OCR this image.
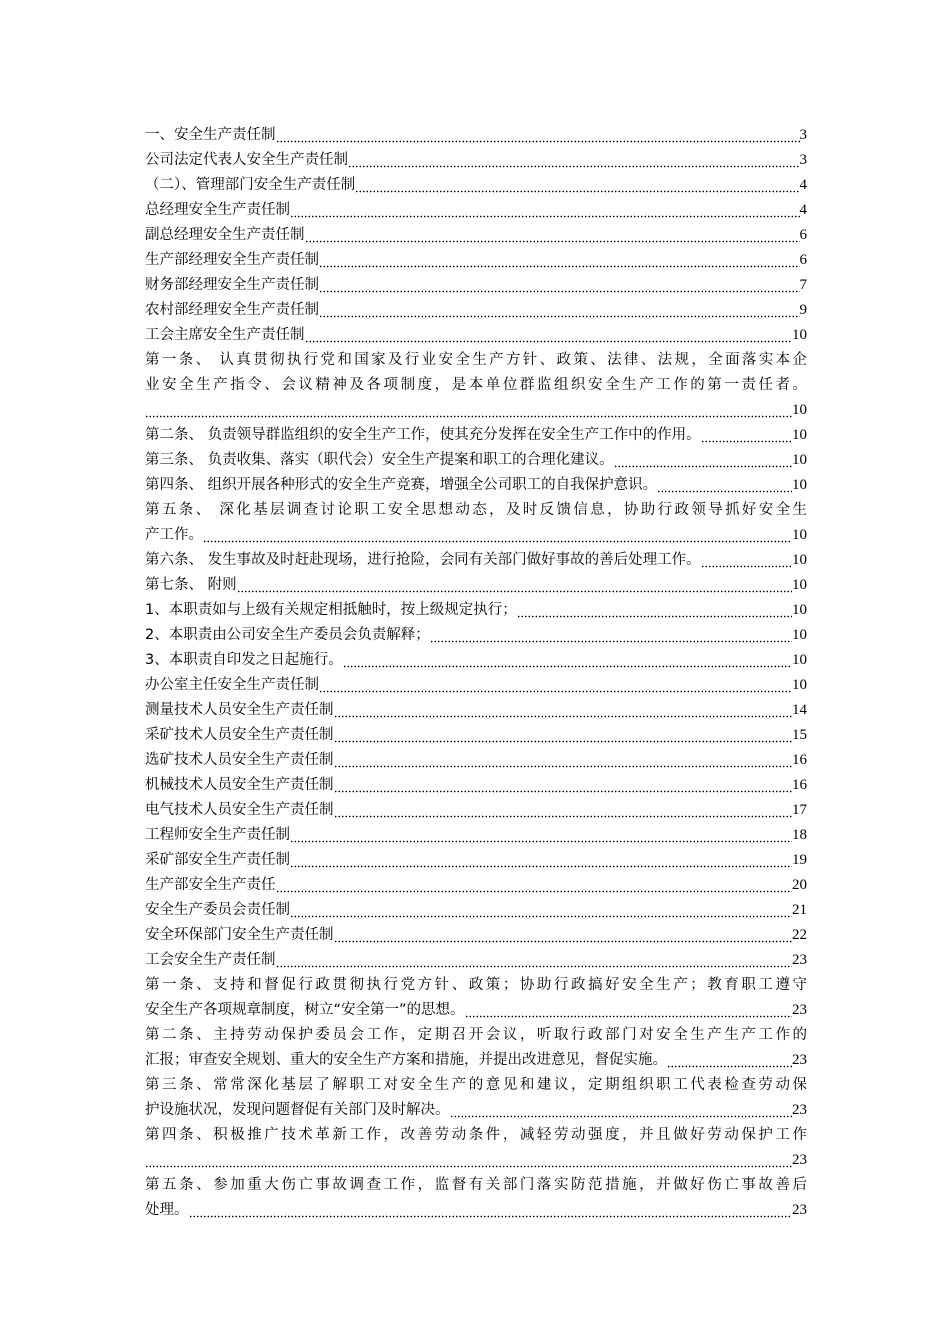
一、安全生产责任制	3
公司法定代表人安全生产责任制	3
（二）、管理部门安全生产责任制	4
总经理安全生产责任制	4
副总经理安全生产责任制	6
生产部经理安全生产责任制	6
财务部经理安全生产责任制	7
农村部经理安全生产责任制	9
工会主席安全生产责任制	10
第一条、 认真贯彻执行党和国家及行业安全生产方针、政策、法律、法规，全面落实本企
业安全生产指令、会议精神及各项制度，是本单位群监组织安全生产工作的第一责任者。
10
第二条、 负责领导群监组织的安全生产工作，使其充分发挥在安全生产工作中的作用。	10
第三条、 负责收集、落实（职代会）安全生产提案和职工的合理化建议。	10
第四条、 组织开展各种形式的安全生产竞赛，增强全公司职工的自我保护意识。	10
第五条、 深化基层调查讨论职工安全思想动态，及时反馈信息，协助行政领导抓好安全生
产工作。	10
第六条、 发生事故及时赶赴现场，进行抢险，会同有关部门做好事故的善后处理工作。	10
第七条、 附则	10
1、本职责如与上级有关规定相抵触时，按上级规定执行；	10
2、本职责由公司安全生产委员会负责解释；	10
3、本职责自印发之日起施行。	10
办公室主任安全生产责任制	10
测量技术人员安全生产责任制	14
采矿技术人员安全生产责任制	15
选矿技术人员安全生产责任制	16
机械技术人员安全生产责任制	16
电气技术人员安全生产责任制	17
工程师安全生产责任制	18
采矿部安全生产责任制	19
生产部安全生产责任	20
安全生产委员会责任制	21
安全环保部门安全生产责任制	22
工会安全生产责任制	23
第一条、支持和督促行政贯彻执行党方针、政策；协助行政搞好安全生产；教育职工遵守
安全生产各项规章制度，树立“安全第一”的思想。	23
第二条、主持劳动保护委员会工作，定期召开会议，听取行政部门对安全生产生产工作的
汇报；审查安全规划、重大的安全生产方案和措施，并提出改进意见，督促实施。	23
第三条、常常深化基层了解职工对安全生产的意见和建议，定期组织职工代表检查劳动保
护设施状况，发现问题督促有关部门及时解决。	23
第四条、积极推广技术革新工作，改善劳动条件，减轻劳动强度，并且做好劳动保护工作
23
第五条、参加重大伤亡事故调查工作，监督有关部门落实防范措施，并做好伤亡事故善后
处理。	23
